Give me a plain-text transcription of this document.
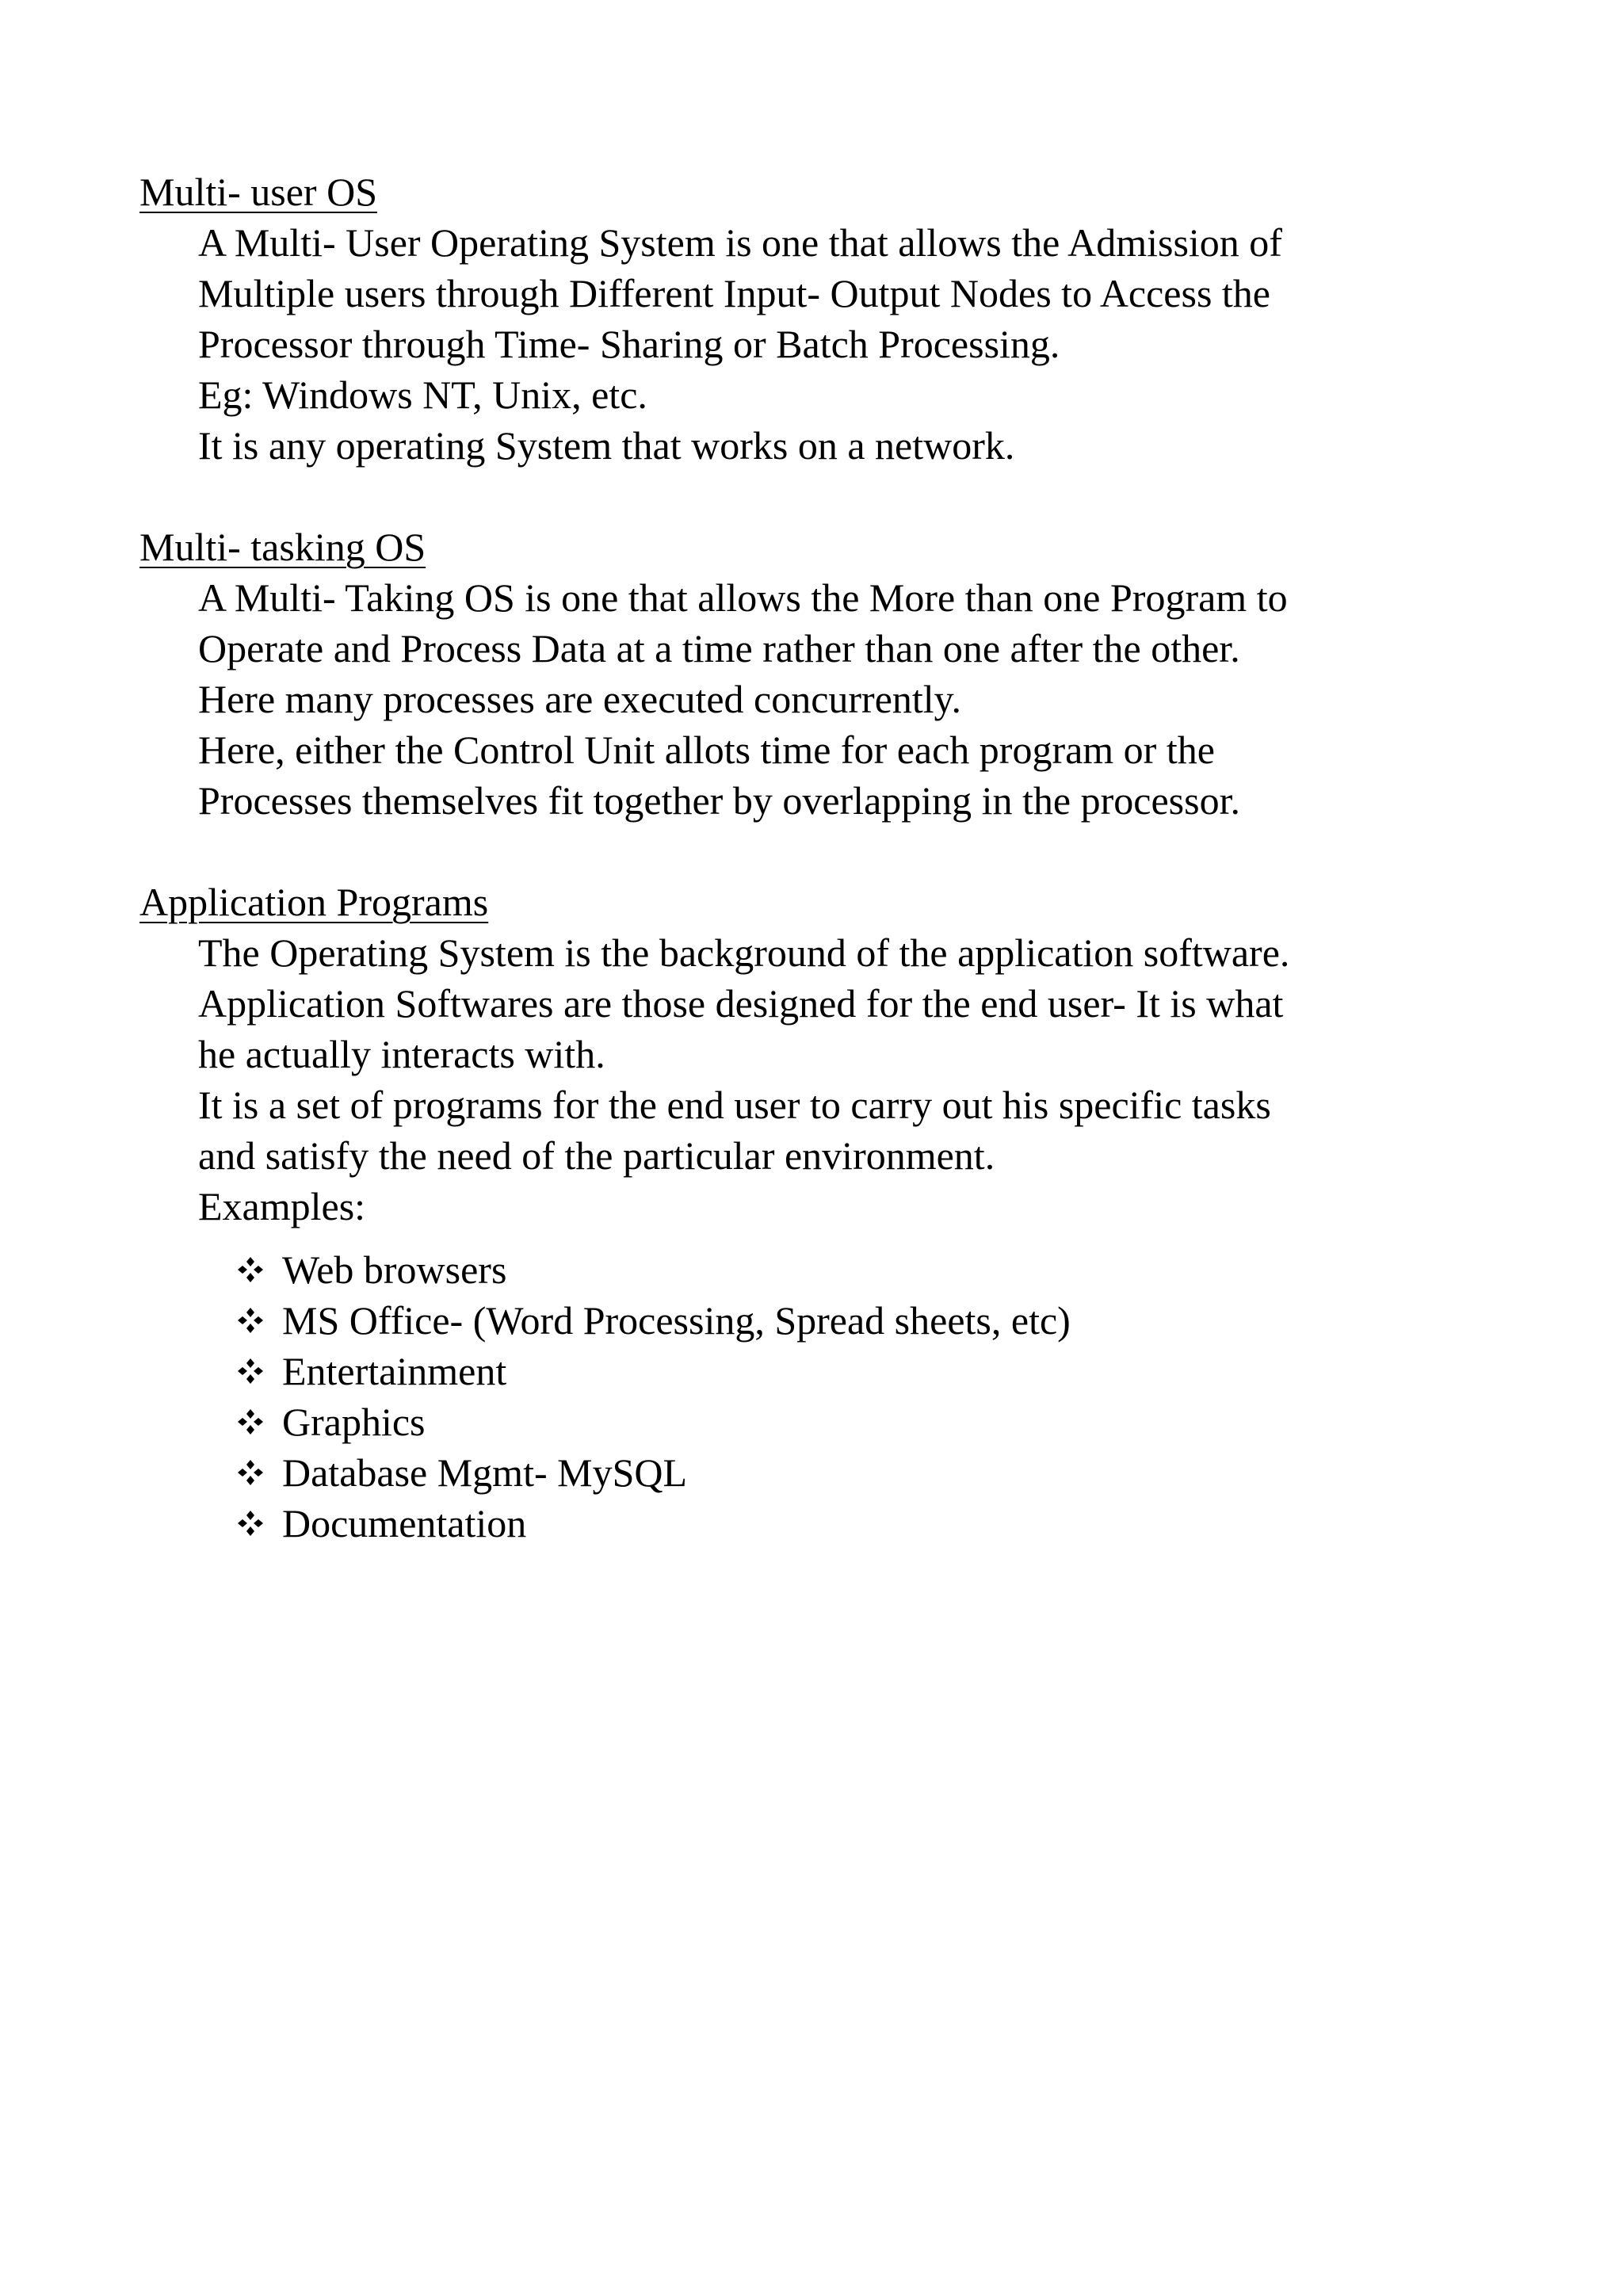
Multi- user OS
A Multi- User Operating System is one that allows the Admission of
Multiple users through Different Input- Output Nodes to Access the
Processor through Time- Sharing or Batch Processing.
Eg: Windows NT, Unix, etc.
It is any operating System that works on a network.
Multi- tasking OS
A Multi- Taking OS is one that allows the More than one Program to
Operate and Process Data at a time rather than one after the other.
Here many processes are executed concurrently.
Here, either the Control Unit allots time for each program or the
Processes themselves fit together by overlapping in the processor.
Application Programs
The Operating System is the background of the application software.
Application Softwares are those designed for the end user- It is what
he actually interacts with.
It is a set of programs for the end user to carry out his specific tasks
and satisfy the need of the particular environment.
Examples:
Web browsers
MS Office- (Word Processing, Spread sheets, etc)
Entertainment
Graphics
Database Mgmt- MySQL
Documentation
